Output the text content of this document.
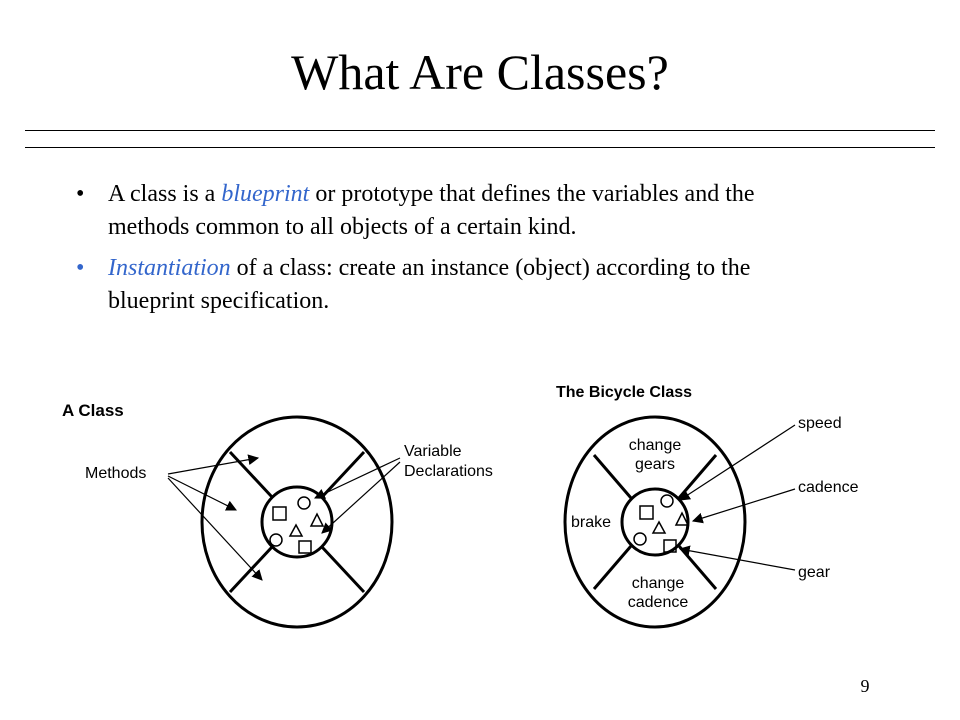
What Are Classes?
• A class is a blueprint or prototype that defines the variables and the methods common to all objects of a certain kind.
• Instantiation of a class: create an instance (object) according to the blueprint specification.
A Class
Methods
Variable
Declarations
The Bicycle Class
change
gears
brake
change
cadence
speed
cadence
gear
9
